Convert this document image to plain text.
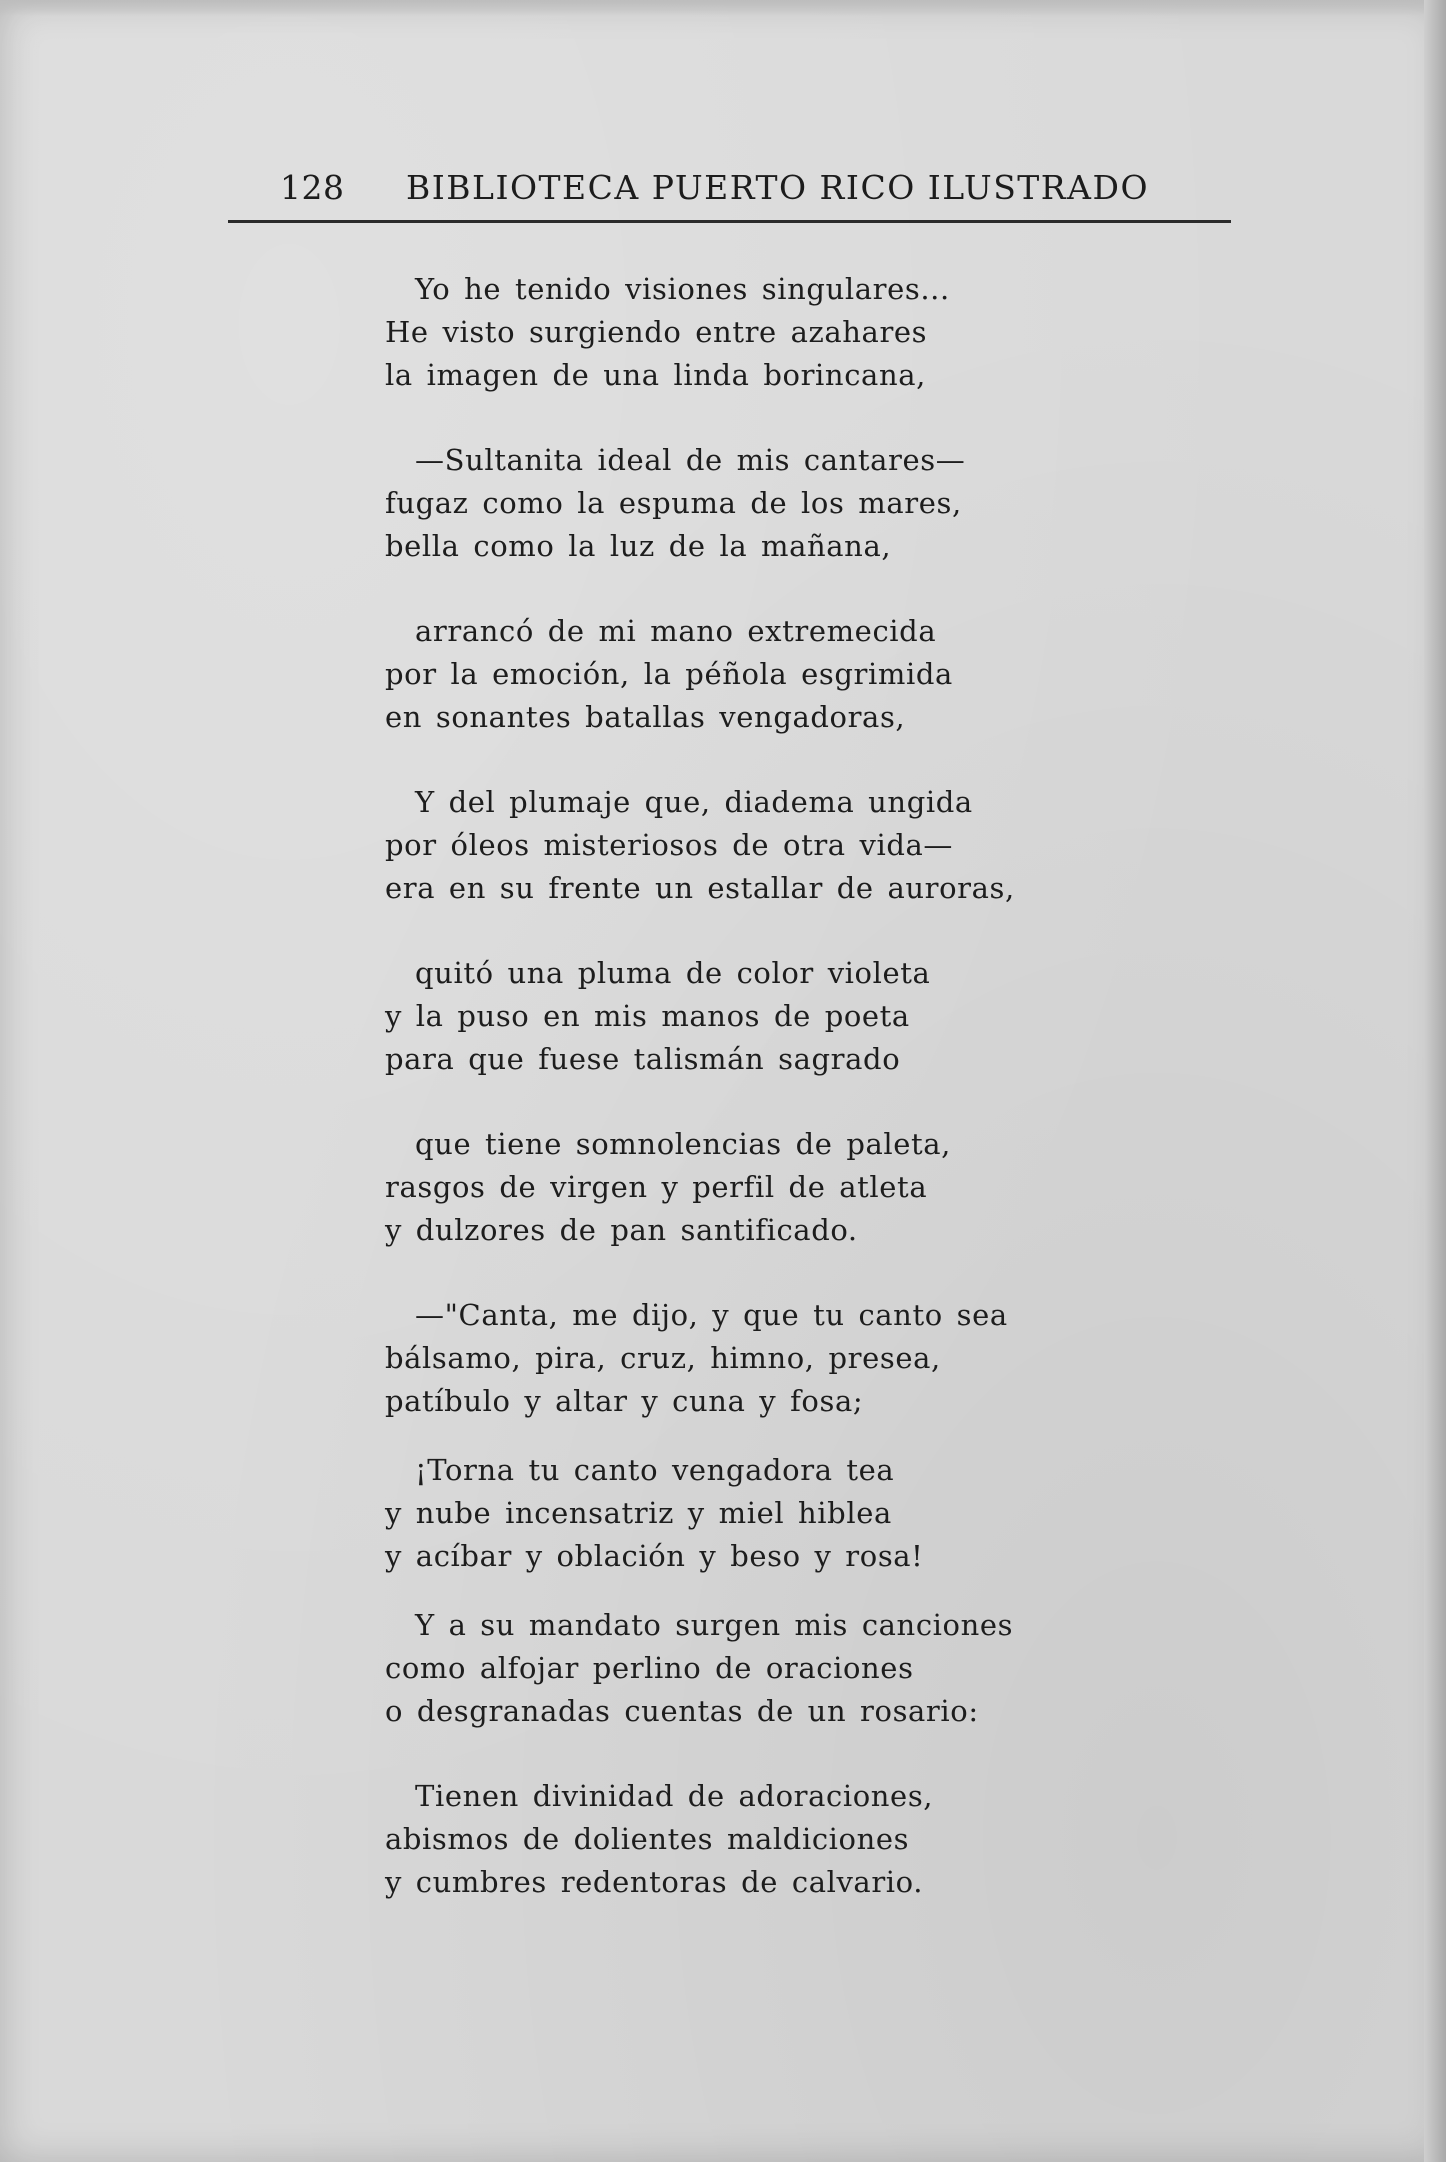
128 BIBLIOTECA PUERTO RICO ILUSTRADO
Yo he tenido visiones singulares...
He visto surgiendo entre azahares
la imagen de una linda borincana,
—Sultanita ideal de mis cantares—
fugaz como la espuma de los mares,
bella como la luz de la mañana,
arrancó de mi mano extremecida
por la emoción, la péñola esgrimida
en sonantes batallas vengadoras,
Y del plumaje que, diadema ungida
por óleos misteriosos de otra vida—
era en su frente un estallar de auroras,
quitó una pluma de color violeta
y la puso en mis manos de poeta
para que fuese talismán sagrado
que tiene somnolencias de paleta,
rasgos de virgen y perfil de atleta
y dulzores de pan santificado.
—"Canta, me dijo, y que tu canto sea
bálsamo, pira, cruz, himno, presea,
patíbulo y altar y cuna y fosa;
¡Torna tu canto vengadora tea
y nube incensatriz y miel hiblea
y acíbar y oblación y beso y rosa!
Y a su mandato surgen mis canciones
como alfojar perlino de oraciones
o desgranadas cuentas de un rosario:
Tienen divinidad de adoraciones,
abismos de dolientes maldiciones
y cumbres redentoras de calvario.
